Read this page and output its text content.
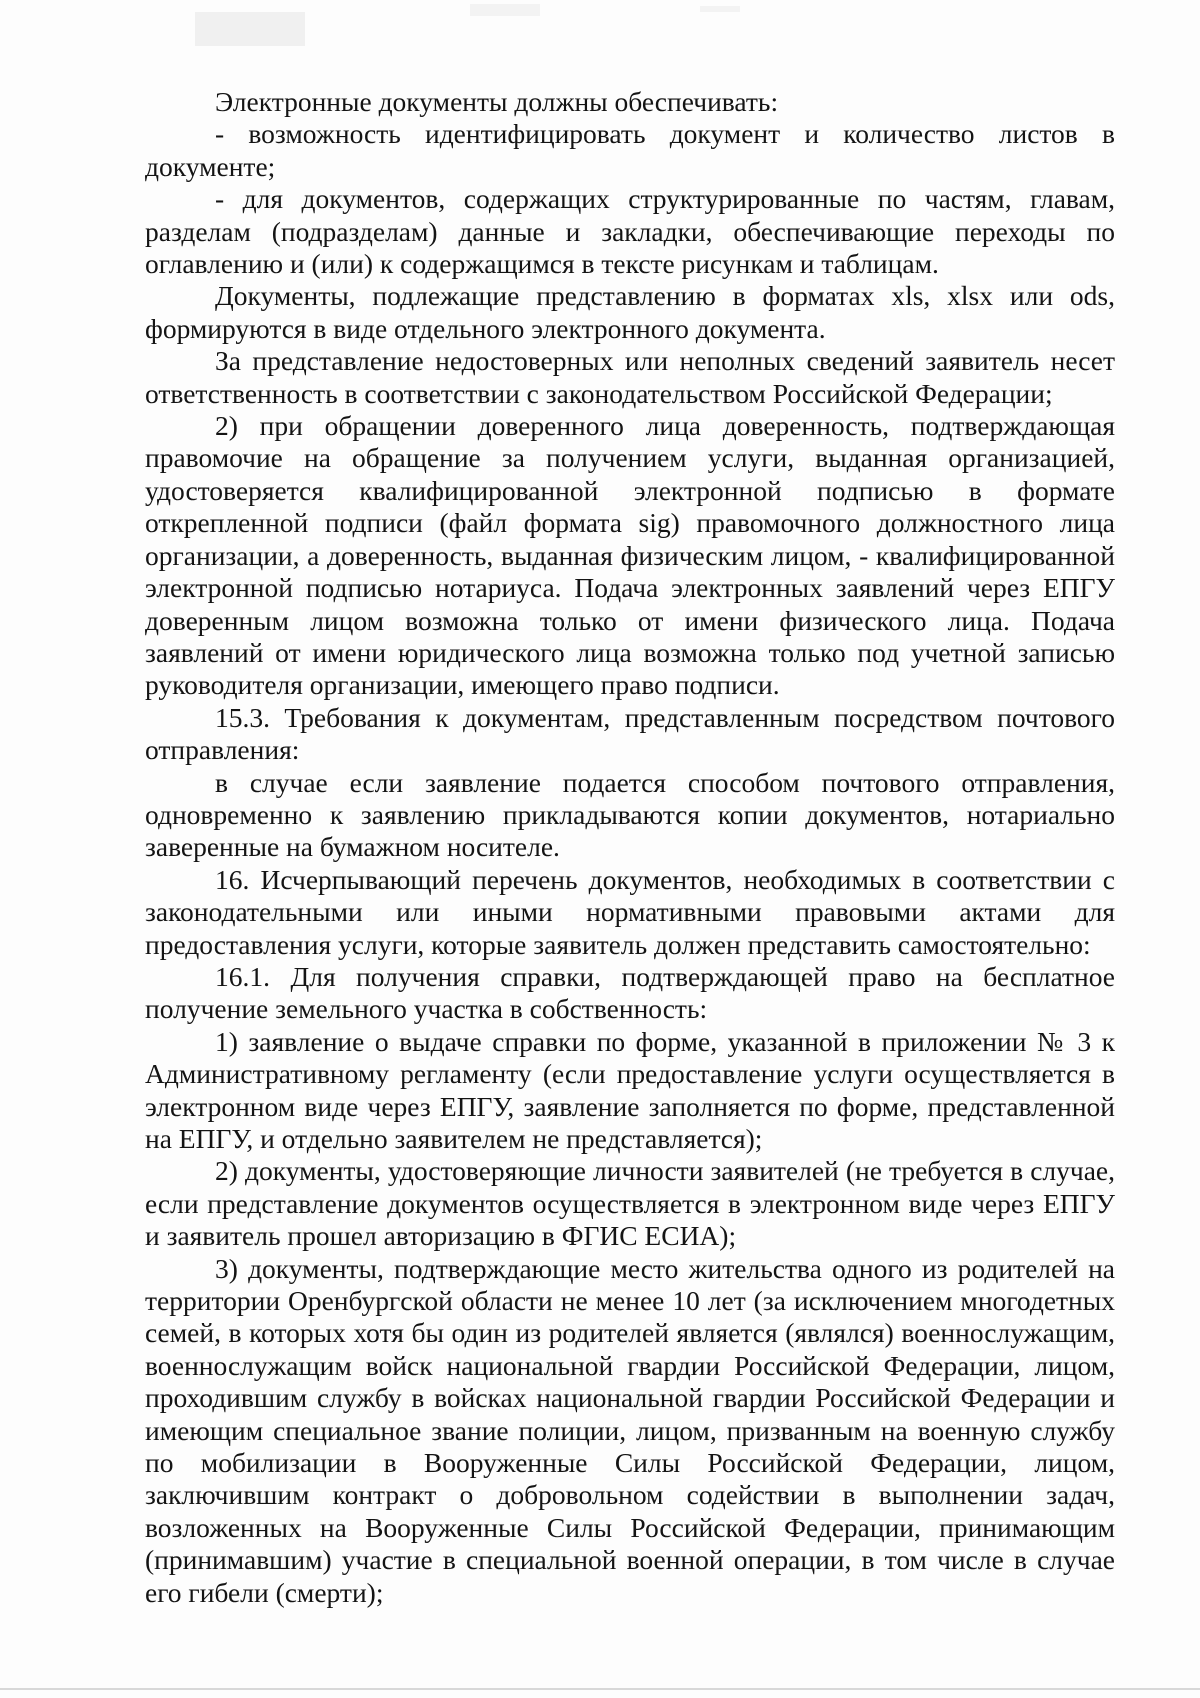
Электронные документы должны обеспечивать:

- возможность идентифицировать документ и количество листов в документе;

- для документов, содержащих структурированные по частям, главам, разделам (подразделам) данные и закладки, обеспечивающие переходы по оглавлению и (или) к содержащимся в тексте рисункам и таблицам.

Документы, подлежащие представлению в форматах xls, xlsx или ods, формируются в виде отдельного электронного документа.

За представление недостоверных или неполных сведений заявитель несет ответственность в соответствии с законодательством Российской Федерации;

2) при обращении доверенного лица доверенность, подтверждающая правомочие на обращение за получением услуги, выданная организацией, удостоверяется квалифицированной электронной подписью в формате открепленной подписи (файл формата sig) правомочного должностного лица организации, а доверенность, выданная физическим лицом, - квалифицированной электронной подписью нотариуса. Подача электронных заявлений через ЕПГУ доверенным лицом возможна только от имени физического лица. Подача заявлений от имени юридического лица возможна только под учетной записью руководителя организации, имеющего право подписи.

15.3. Требования к документам, представленным посредством почтового отправления:

в случае если заявление подается способом почтового отправления, одновременно к заявлению прикладываются копии документов, нотариально заверенные на бумажном носителе.

16. Исчерпывающий перечень документов, необходимых в соответствии с законодательными или иными нормативными правовыми актами для предоставления услуги, которые заявитель должен представить самостоятельно:

16.1. Для получения справки, подтверждающей право на бесплатное получение земельного участка в собственность:

1) заявление о выдаче справки по форме, указанной в приложении № 3 к Административному регламенту (если предоставление услуги осуществляется в электронном виде через ЕПГУ, заявление заполняется по форме, представленной на ЕПГУ, и отдельно заявителем не представляется);

2) документы, удостоверяющие личности заявителей (не требуется в случае, если представление документов осуществляется в электронном виде через ЕПГУ и заявитель прошел авторизацию в ФГИС ЕСИА);

3) документы, подтверждающие место жительства одного из родителей на территории Оренбургской области не менее 10 лет (за исключением многодетных семей, в которых хотя бы один из родителей является (являлся) военнослужащим, военнослужащим войск национальной гвардии Российской Федерации, лицом, проходившим службу в войсках национальной гвардии Российской Федерации и имеющим специальное звание полиции, лицом, призванным на военную службу по мобилизации в Вооруженные Силы Российской Федерации, лицом, заключившим контракт о добровольном содействии в выполнении задач, возложенных на Вооруженные Силы Российской Федерации, принимающим (принимавшим) участие в специальной военной операции, в том числе в случае его гибели (смерти);
